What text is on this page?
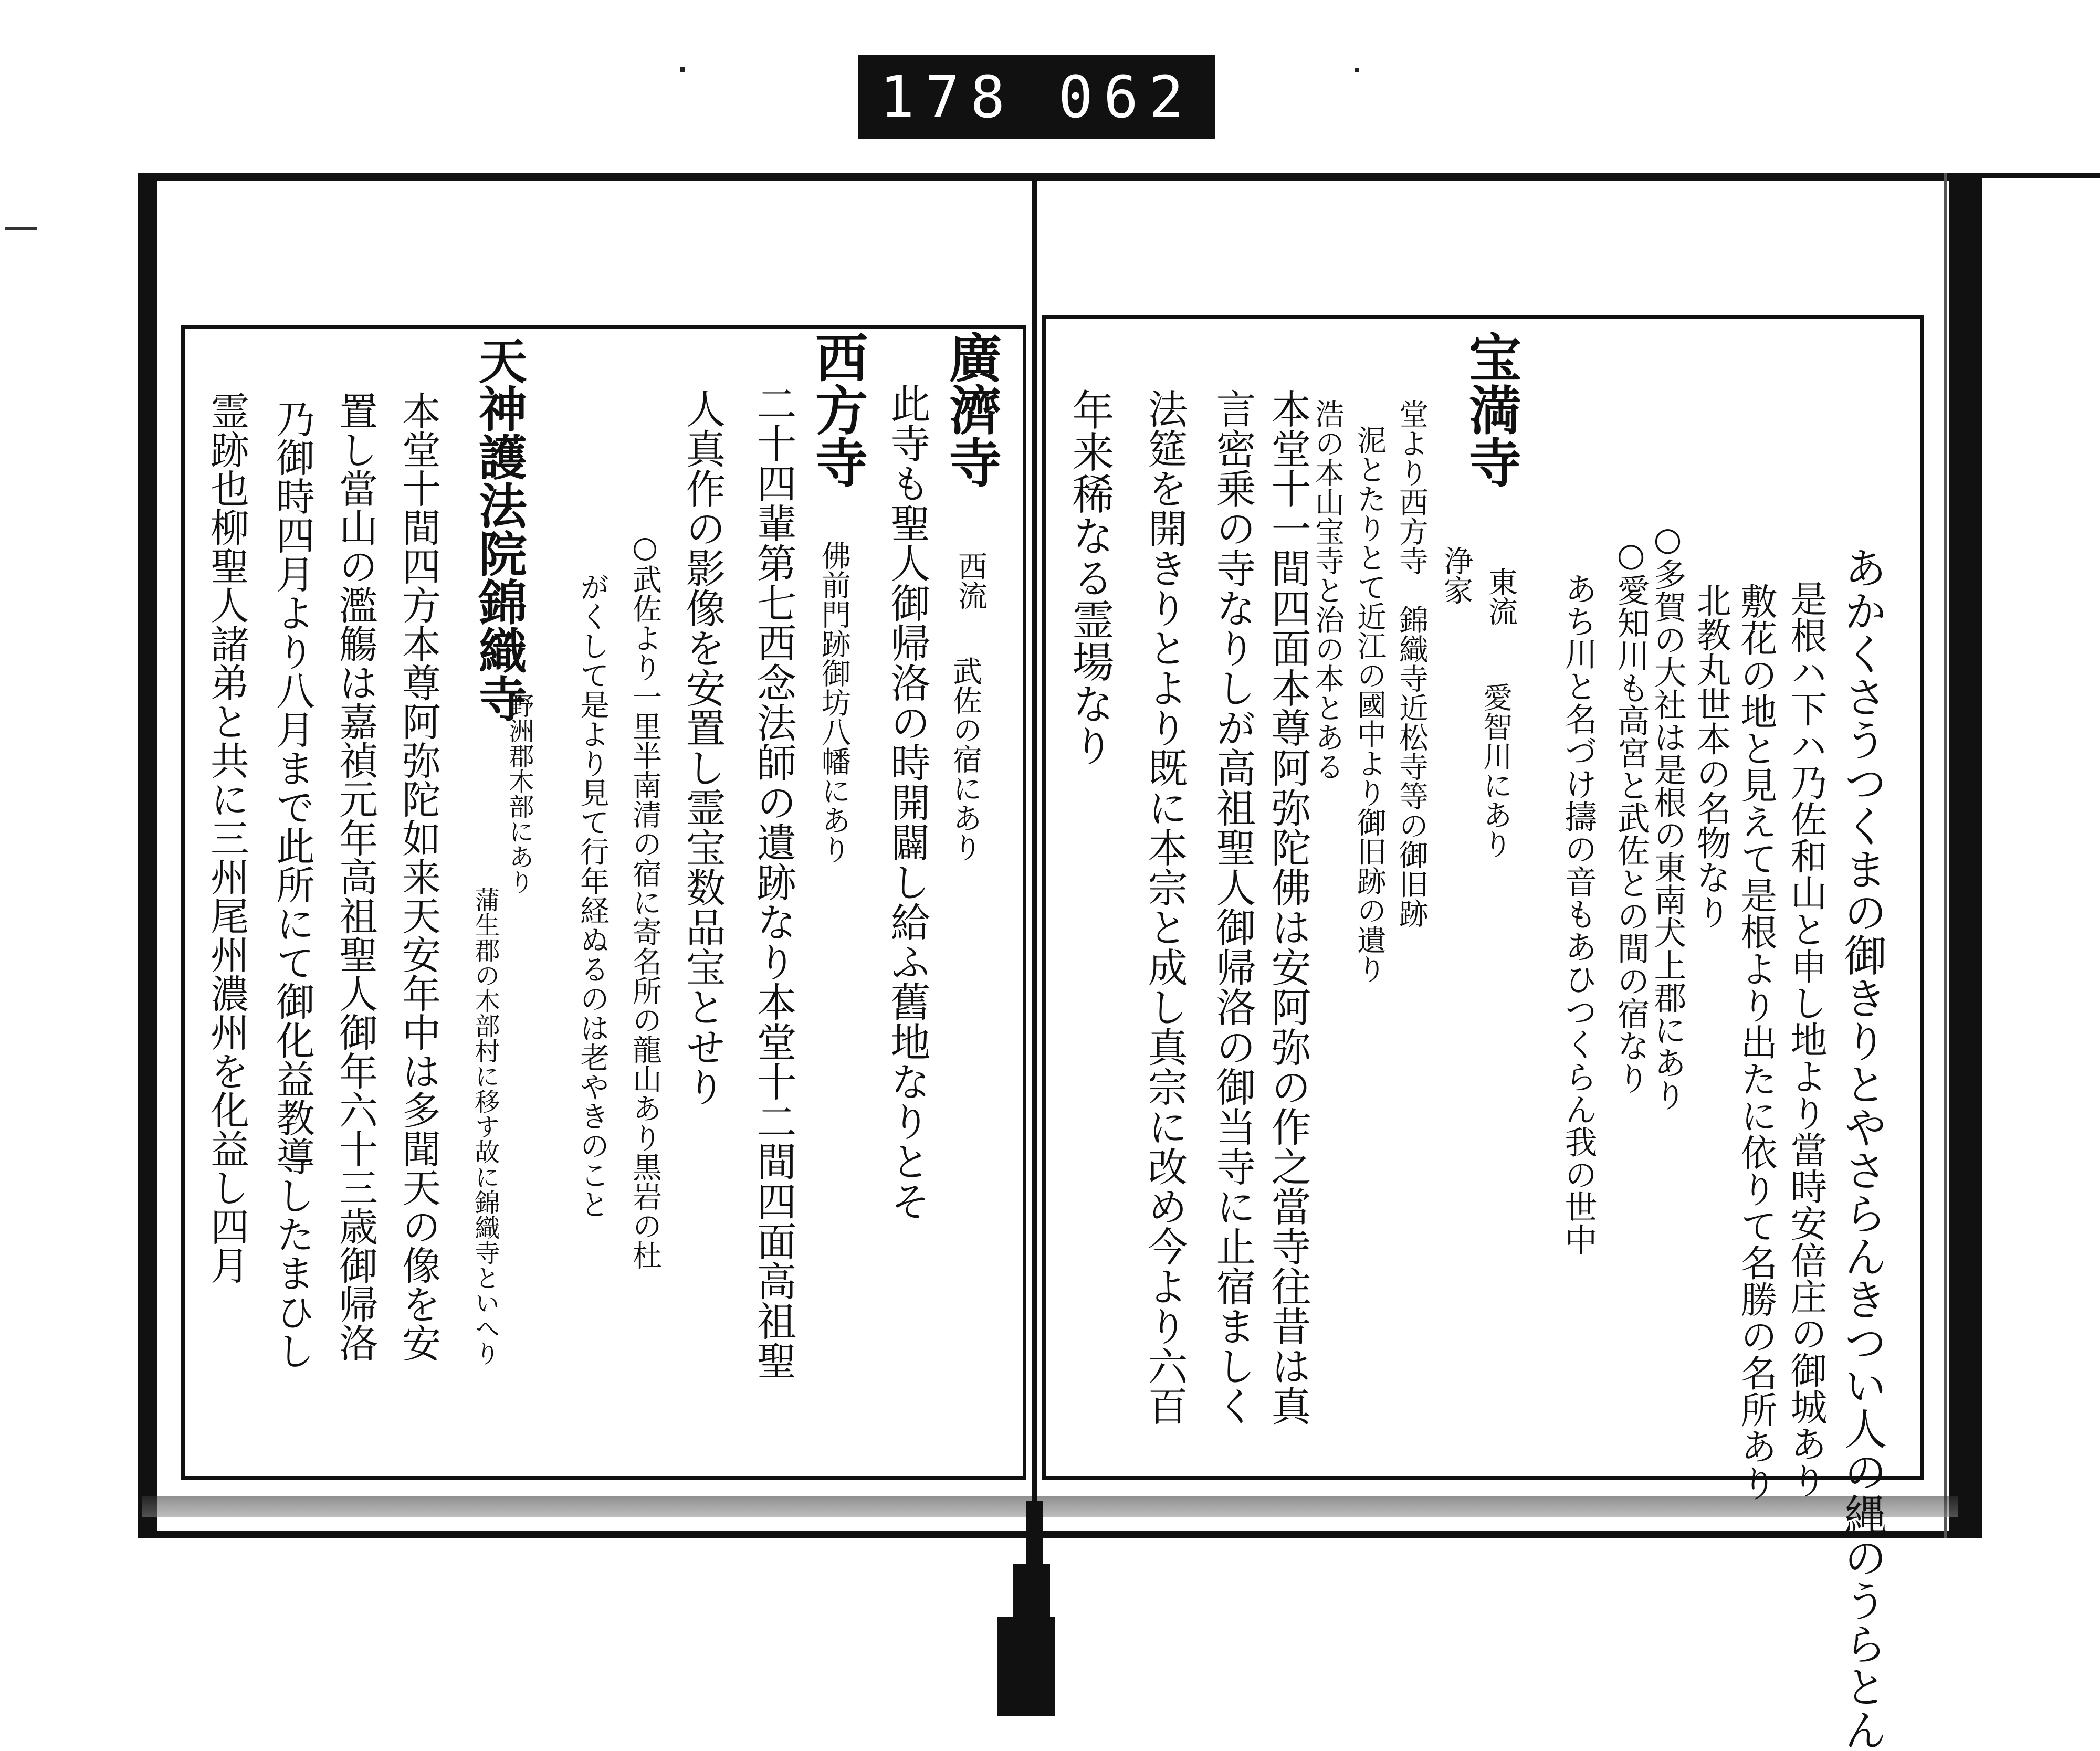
178 062
あかくさうつくまの御きりとやさらんきつい人の縄のうらとん
是根ハ下ハ乃佐和山と申し地より當時安倍庄の御城あり
敷花の地と見えて是根より出たに依りて名勝の名所あり
北教丸世本の名物なり
○多賀の大社は是根の東南犬上郡にあり
○愛知川も高宮と武佐との間の宿なり
あち川と名づけ擣の音もあひつくらん我の世中
宝満寺
東流
愛智川にあり
浄家
堂より西方寺　錦織寺近松寺等の御旧跡
泥とたりとて近江の國中より御旧跡の遺り
浩の本山宝寺と治の本とある
本堂十一間四面本尊阿弥陀佛は安阿弥の作之當寺往昔は真
言密乗の寺なりしが高祖聖人御帰洛の御当寺に止宿ましく
法筵を開きりとより既に本宗と成し真宗に改め今より六百
年来稀なる霊場なり
廣濟寺
西流
武佐の宿にあり
此寺も聖人御帰洛の時開闢し給ふ舊地なりとそ
西方寺
佛前門跡御坊八幡にあり
二十四輩第七西念法師の遺跡なり本堂十二間四面高祖聖
人真作の影像を安置し霊宝数品宝とせり
○武佐より一里半南清の宿に寄名所の龍山あり黒岩の杜
がくして是より見て行年経ぬるのは老やきのこと
天神護法院錦織寺
野洲郡木部にあり
蒲生郡の木部村に移す故に錦織寺といへり
本堂十間四方本尊阿弥陀如来天安年中は多聞天の像を安
置し當山の濫觴は嘉禎元年高祖聖人御年六十三歳御帰洛
乃御時四月より八月まで此所にて御化益教導したまひし
霊跡也柳聖人諸弟と共に三州尾州濃州を化益し四月
